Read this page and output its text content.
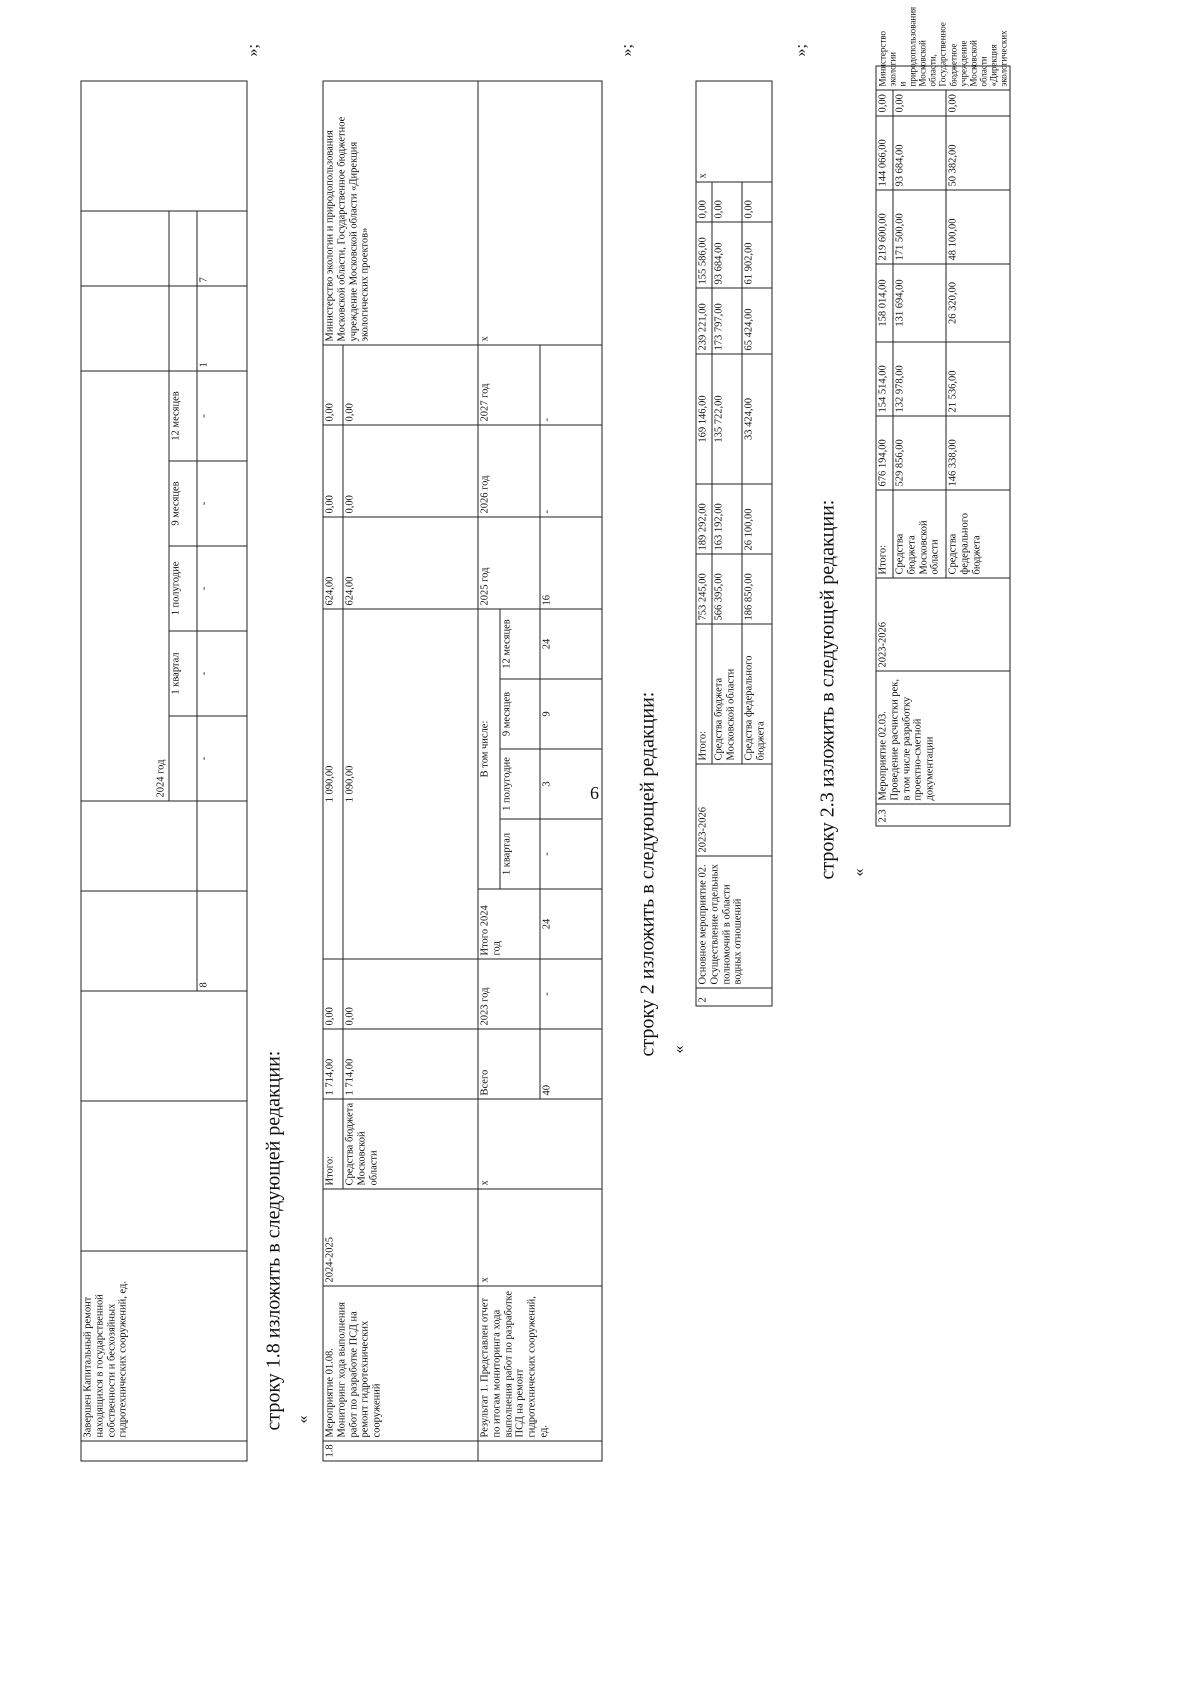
6
	Завершен Капитальный ремонт находящихся в государственной собственности и бесхозяйных гидротехнических сооружений, ед.					2024 год								
							1 квартал	1 полугодие	9 месяцев	12 месяцев				
				8		-	-	-	-	-	1	7	
»;
строку 1.8 изложить в следующей редакции: «
1.8	Мероприятие 01.08. Мониторинг хода выполнения работ по разработке ПСД на ремонт гидротехнических сооружений	2024-2025	Итого:	1 714,00	0,00	1 090,00					624,00	0,00	0,00	Министерство экологии и природопользования Московской области, Государственное бюджетное учреждение Московской области «Дирекция экологических проектов»
			Средства бюджета Московской области	1 714,00	0,00	1 090,00					624,00	0,00	0,00	
	Результат 1. Представлен отчет по итогам мониторинга хода выполнения работ по разработке ПСД на ремонт гидротехнических сооружений, ед.	х	х	Всего	2023 год	Итого 2024 год	В том числе:				2025 год	2026 год	2027 год	х
							1 квартал	1 полугодие	9 месяцев	12 месяцев				
				40	-	24	-	3	9	24	16	-	-	
»;
строку 2 изложить в следующей редакции: «
2	Основное мероприятие 02. Осуществление отдельных полномочий в области водных отношений	2023-2026	Итого:	753 245,00	189 292,00	169 146,00	239 221,00	155 586,00	0,00	х
			Средства бюджета Московской области	566 395,00	163 192,00	135 722,00	173 797,00	93 684,00	0,00	
			Средства федерального бюджета	186 850,00	26 100,00	33 424,00	65 424,00	61 902,00	0,00	
»;
строку 2.3 изложить в следующей редакции: «
2.3	Мероприятие 02.03. Проведение расчистки рек, в том числе разработку проектно-сметной документации	2023-2026	Итого:	676 194,00	154 514,00	158 014,00	219 600,00	144 066,00	0,00	Министерство экологии и природопользования Московской области, Государственное бюджетное учреждение Московской области «Дирекция экологических
			Средства бюджета Московской области	529 856,00	132 978,00	131 694,00	171 500,00	93 684,00	0,00	
			Средства федерального бюджета	146 338,00	21 536,00	26 320,00	48 100,00	50 382,00	0,00	
